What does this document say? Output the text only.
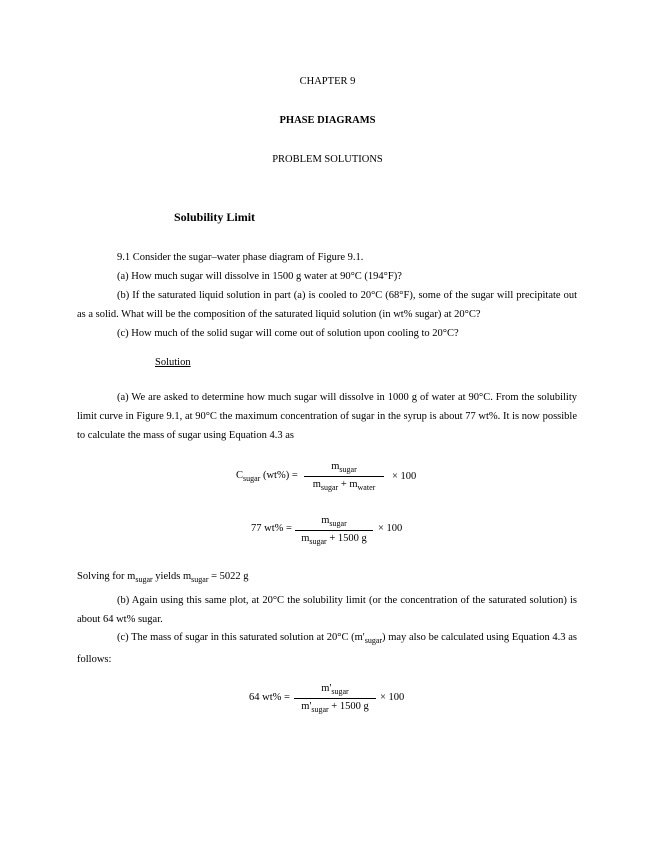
CHAPTER 9
PHASE DIAGRAMS
PROBLEM SOLUTIONS
Solubility Limit
9.1 Consider the sugar–water phase diagram of Figure 9.1.
(a) How much sugar will dissolve in 1500 g water at 90°C (194°F)?
(b) If the saturated liquid solution in part (a) is cooled to 20°C (68°F), some of the sugar will precipitate out as a solid. What will be the composition of the saturated liquid solution (in wt% sugar) at 20°C?
(c) How much of the solid sugar will come out of solution upon cooling to 20°C?
Solution
(a) We are asked to determine how much sugar will dissolve in 1000 g of water at 90°C. From the solubility limit curve in Figure 9.1, at 90°C the maximum concentration of sugar in the syrup is about 77 wt%. It is now possible to calculate the mass of sugar using Equation 4.3 as
$C_{sugar}$ (wt%) =
$m_{sugar}$
$m_{sugar} + m_{water}$
× 100
77 wt% =
$m_{sugar}$
$m_{sugar} + 1500$ g
× 100
Solving for $m_{sugar}$ yields $m_{sugar} = 5022$ g
(b) Again using this same plot, at 20°C the solubility limit (or the concentration of the saturated solution) is about 64 wt% sugar.
(c) The mass of sugar in this saturated solution at 20°C $(m'_{sugar})$ may also be calculated using Equation 4.3 as follows:
64 wt% =
$m'_{sugar}$
$m'_{sugar} + 1500$ g
× 100
